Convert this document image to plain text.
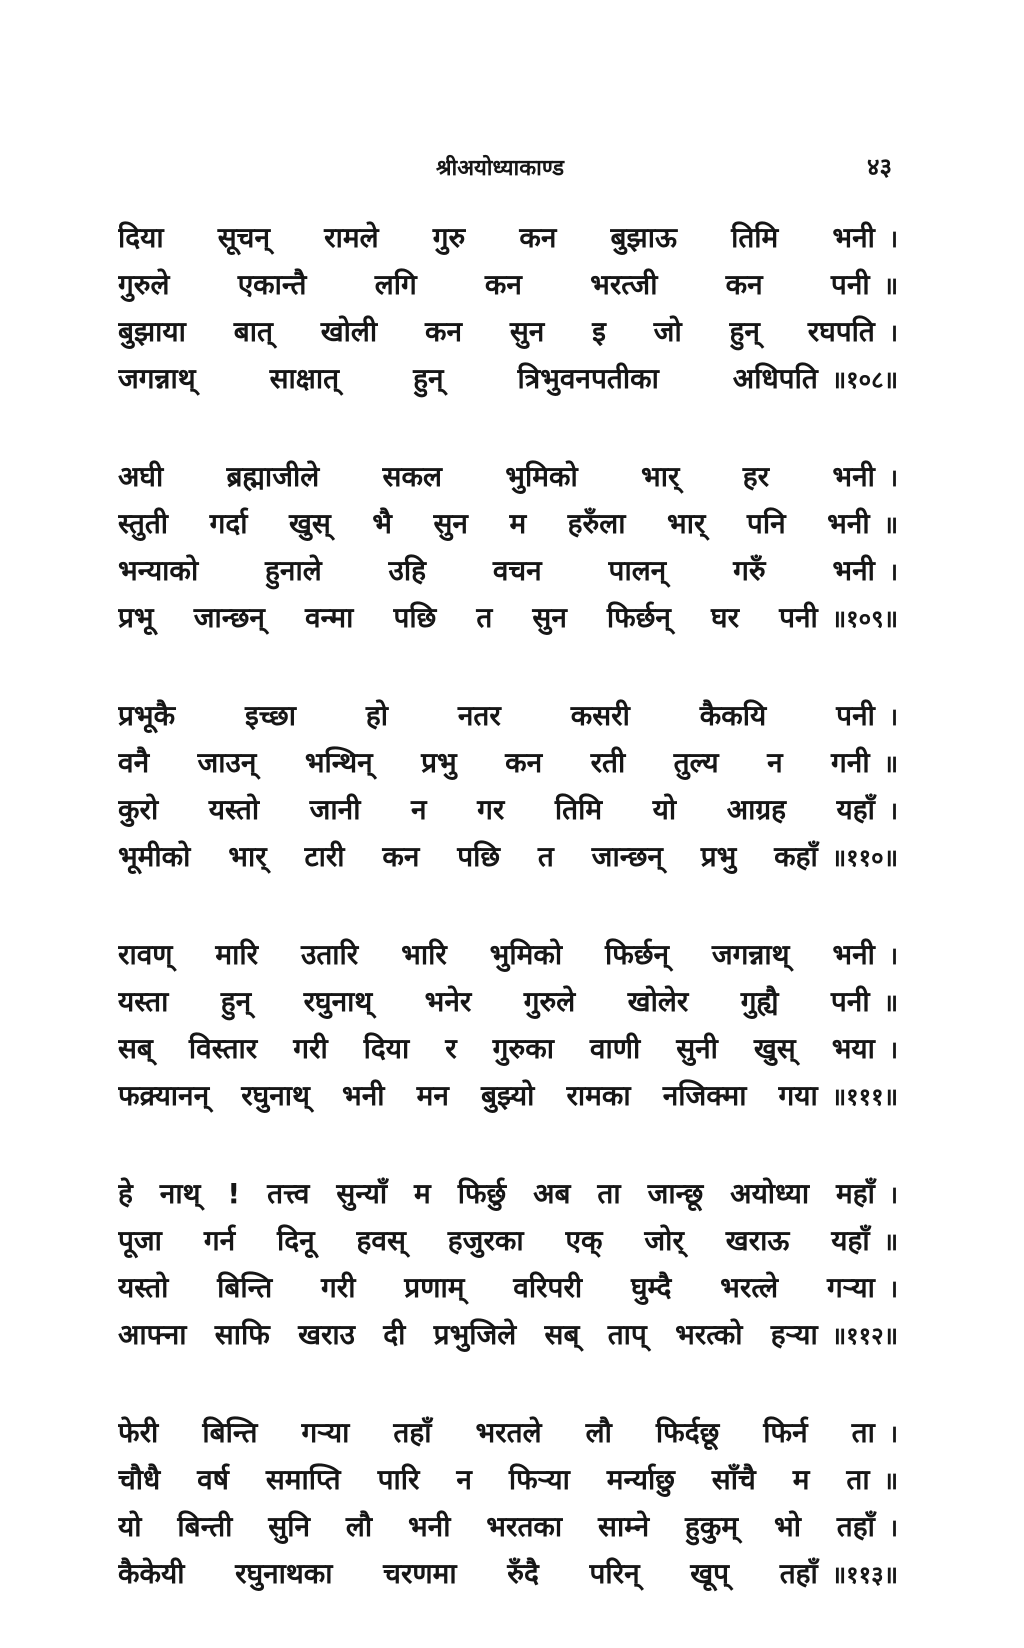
श्रीअयोध्याकाण्ड	४३
दिया सूचन् रामले गुरु कन बुझाऊ तिमि भनी ।
गुरुले एकान्तै लगि कन भरत्जी कन पनी ॥
बुझाया बात् खोली कन सुन इ जो हुन् रघपति ।
जगन्नाथ् साक्षात् हुन् त्रिभुवनपतीका अधिपति ॥१०८॥
अघी ब्रह्माजीले सकल भुमिको भार् हर भनी ।
स्तुती गर्दा खुस् भै सुन म हरुँला भार् पनि भनी ॥
भन्याको हुनाले उहि वचन पालन् गरुँ भनी ।
प्रभू जान्छन् वन्मा पछि त सुन फिर्छन् घर पनी ॥१०९॥
प्रभूकै इच्छा हो नतर कसरी कैकयि पनी ।
वनै जाउन् भन्थिन् प्रभु कन रती तुल्य न गनी ॥
कुरो यस्तो जानी न गर तिमि यो आग्रह यहाँ ।
भूमीको भार् टारी कन पछि त जान्छन् प्रभु कहाँ ॥११०॥
रावण् मारि उतारि भारि भुमिको फिर्छन् जगन्नाथ् भनी ।
यस्ता हुन् रघुनाथ् भनेर गुरुले खोलेर गुह्यै पनी ॥
सब् विस्तार गरी दिया र गुरुका वाणी सुनी खुस् भया ।
फक्र्यानन् रघुनाथ् भनी मन बुझ्यो रामका नजिक्मा गया ॥१११॥
हे नाथ् ! तत्त्व सुन्याँ म फिर्छु अब ता जान्छू अयोध्या महाँ ।
पूजा गर्न दिनू हवस् हजुरका एक् जोर् खराऊ यहाँ ॥
यस्तो बिन्ति गरी प्रणाम् वरिपरी घुम्दै भरत्ले गऱ्या ।
आफ्ना साफि खराउ दी प्रभुजिले सब् ताप् भरत्को हऱ्या ॥११२॥
फेरी बिन्ति गऱ्या तहाँ भरतले लौ फिर्दछू फिर्न ता ।
चौधै वर्ष समाप्ति पारि न फिऱ्या मर्न्याछु साँचै म ता ॥
यो बिन्ती सुनि लौ भनी भरतका साम्ने हुकुम् भो तहाँ ।
कैकेयी रघुनाथका चरणमा रुँदै परिन् खूप् तहाँ ॥११३॥
